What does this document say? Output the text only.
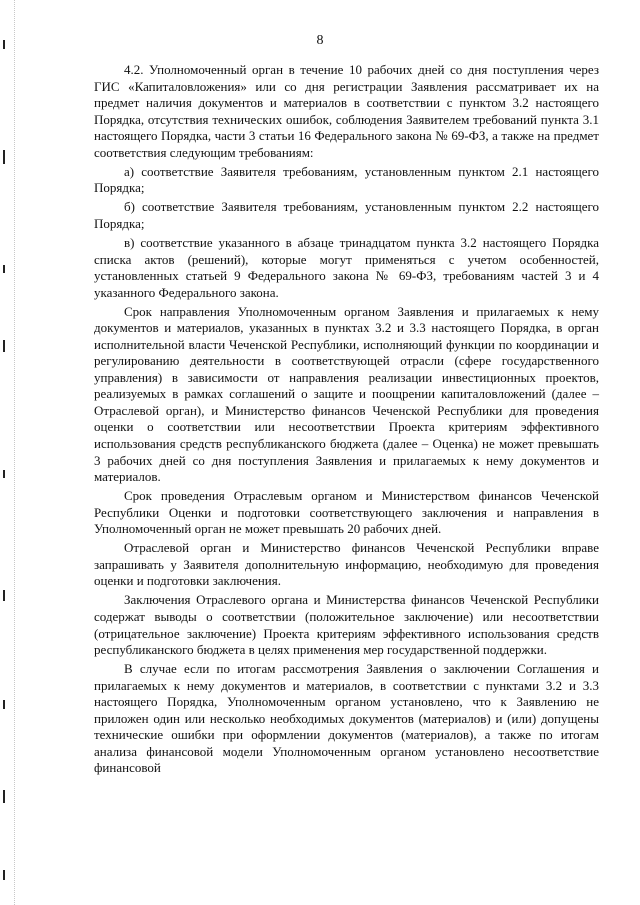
8

4.2. Уполномоченный орган в течение 10 рабочих дней со дня поступления через ГИС «Капиталовложения» или со дня регистрации Заявления рассматривает их на предмет наличия документов и материалов в соответствии с пунктом 3.2 настоящего Порядка, отсутствия технических ошибок, соблюдения Заявителем требований пункта 3.1 настоящего Порядка, части 3 статьи 16 Федерального закона № 69-ФЗ, а также на предмет соответствия следующим требованиям:

а) соответствие Заявителя требованиям, установленным пунктом 2.1 настоящего Порядка;

б) соответствие Заявителя требованиям, установленным пунктом 2.2 настоящего Порядка;

в) соответствие указанного в абзаце тринадцатом пункта 3.2 настоящего Порядка списка актов (решений), которые могут применяться с учетом особенностей, установленных статьей 9 Федерального закона № 69-ФЗ, требованиям частей 3 и 4 указанного Федерального закона.

Срок направления Уполномоченным органом Заявления и прилагаемых к нему документов и материалов, указанных в пунктах 3.2 и 3.3 настоящего Порядка, в орган исполнительной власти Чеченской Республики, исполняющий функции по координации и регулированию деятельности в соответствующей отрасли (сфере государственного управления) в зависимости от направления реализации инвестиционных проектов, реализуемых в рамках соглашений о защите и поощрении капиталовложений (далее – Отраслевой орган), и Министерство финансов Чеченской Республики для проведения оценки о соответствии или несоответствии Проекта критериям эффективного использования средств республиканского бюджета (далее – Оценка) не может превышать 3 рабочих дней со дня поступления Заявления и прилагаемых к нему документов и материалов.

Срок проведения Отраслевым органом и Министерством финансов Чеченской Республики Оценки и подготовки соответствующего заключения и направления в Уполномоченный орган не может превышать 20 рабочих дней.

Отраслевой орган и Министерство финансов Чеченской Республики вправе запрашивать у Заявителя дополнительную информацию, необходимую для проведения оценки и подготовки заключения.

Заключения Отраслевого органа и Министерства финансов Чеченской Республики содержат выводы о соответствии (положительное заключение) или несоответствии (отрицательное заключение) Проекта критериям эффективного использования средств республиканского бюджета в целях применения мер государственной поддержки.

В случае если по итогам рассмотрения Заявления о заключении Соглашения и прилагаемых к нему документов и материалов, в соответствии с пунктами 3.2 и 3.3 настоящего Порядка, Уполномоченным органом установлено, что к Заявлению не приложен один или несколько необходимых документов (материалов) и (или) допущены технические ошибки при оформлении документов (материалов), а также по итогам анализа финансовой модели Уполномоченным органом установлено несоответствие финансовой
